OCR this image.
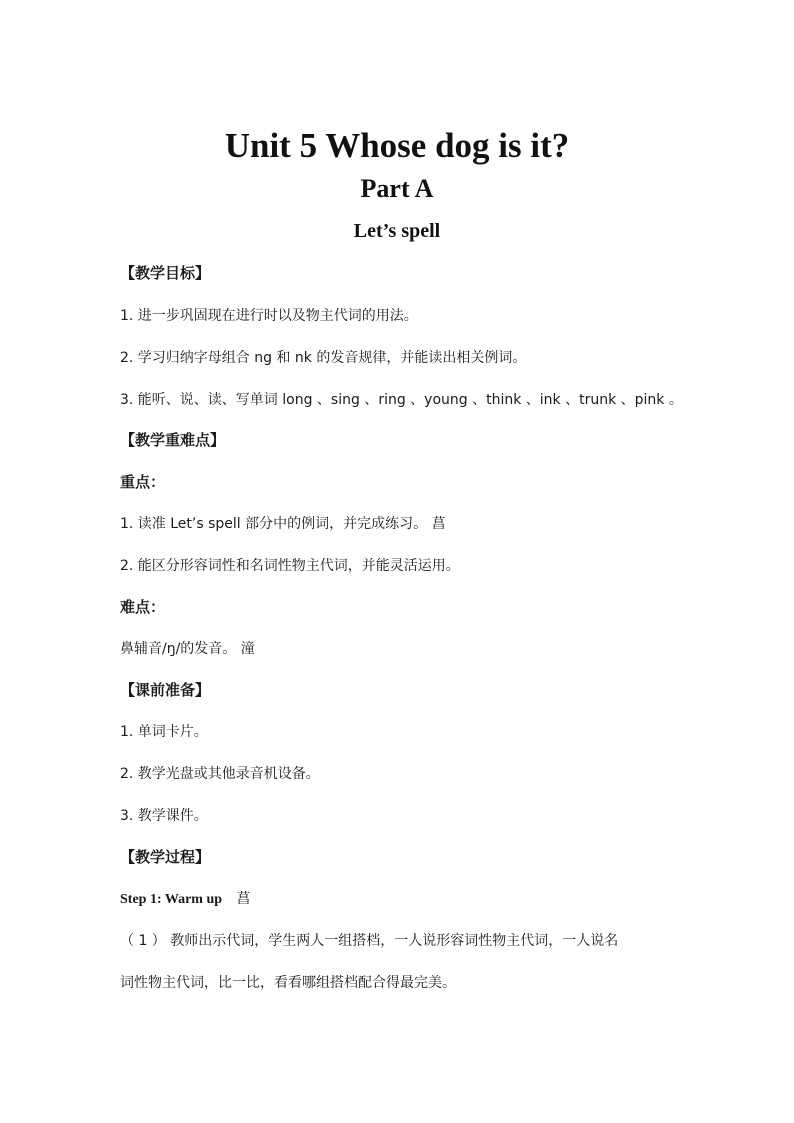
Unit 5 Whose dog is it?
Part A
Let’s spell
【教学目标】
1. 进一步巩固现在进行时以及物主代词的用法。
2. 学习归纳字母组合 ng 和 nk 的发音规律，并能读出相关例词。
3. 能听、说、读、写单词 long 、sing 、ring 、young 、think 、ink 、trunk 、pink 。
【教学重难点】
重点：
1. 读准 Let’s spell 部分中的例词，并完成练习。 菖
2. 能区分形容词性和名词性物主代词，并能灵活运用。
难点：
鼻辅音/ŋ/的发音。 潼
【课前准备】
1. 单词卡片。
2. 教学光盘或其他录音机设备。
3. 教学课件。
【教学过程】
Step 1: Warm up 菖
（ 1 ） 教师出示代词，学生两人一组搭档，一人说形容词性物主代词，一人说名
词性物主代词，比一比，看看哪组搭档配合得最完美。
